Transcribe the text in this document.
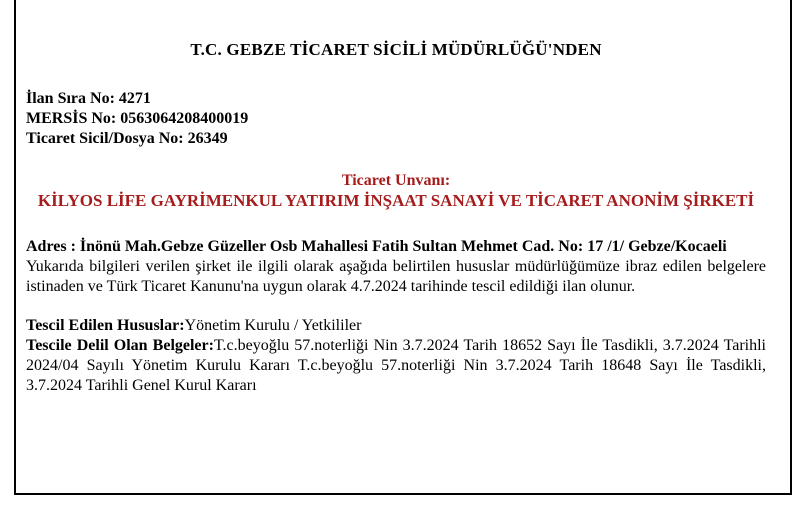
T.C. GEBZE TİCARET SİCİLİ MÜDÜRLÜĞÜ'NDEN
İlan Sıra No: 4271
MERSİS No: 0563064208400019
Ticaret Sicil/Dosya No: 26349
Ticaret Unvanı:
KİLYOS LİFE GAYRİMENKUL YATIRIM İNŞAAT SANAYİ VE TİCARET ANONİM ŞİRKETİ
Adres : İnönü Mah.Gebze Güzeller Osb Mahallesi Fatih Sultan Mehmet Cad. No: 17 /1/ Gebze/Kocaeli
Yukarıda bilgileri verilen şirket ile ilgili olarak aşağıda belirtilen hususlar müdürlüğümüze ibraz edilen belgelere istinaden ve Türk Ticaret Kanunu'na uygun olarak 4.7.2024 tarihinde tescil edildiği ilan olunur.
Tescil Edilen Hususlar:Yönetim Kurulu / Yetkililer
Tescile Delil Olan Belgeler:T.c.beyoğlu 57.noterliği Nin 3.7.2024 Tarih 18652 Sayı İle Tasdikli, 3.7.2024 Tarihli 2024/04 Sayılı Yönetim Kurulu Kararı T.c.beyoğlu 57.noterliği Nin 3.7.2024 Tarih 18648 Sayı İle Tasdikli, 3.7.2024 Tarihli Genel Kurul Kararı
